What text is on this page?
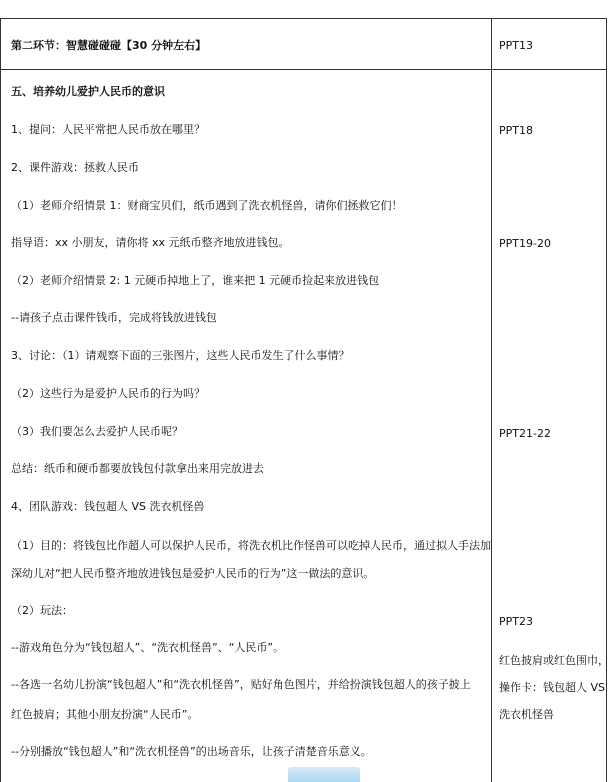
第二环节：智慧碰碰碰【30 分钟左右】	PPT13
五、培养幼儿爱护人民币的意识
1、提问：人民平常把人民币放在哪里？
2、课件游戏：拯救人民币
（1）老师介绍情景 1：财商宝贝们，纸币遇到了洗衣机怪兽，请你们拯救它们！
指导语：xx 小朋友，请你将 xx 元纸币整齐地放进钱包。
（2）老师介绍情景 2: 1 元硬币掉地上了，谁来把 1 元硬币捡起来放进钱包
--请孩子点击课件钱币，完成将钱放进钱包
3、讨论：（1）请观察下面的三张图片，这些人民币发生了什么事情？
（2）这些行为是爱护人民币的行为吗？
（3）我们要怎么去爱护人民币呢？
总结：纸币和硬币都要放钱包付款拿出来用完放进去
4、团队游戏：钱包超人 VS 洗衣机怪兽
（1）目的：将钱包比作超人可以保护人民币，将洗衣机比作怪兽可以吃掉人民币，通过拟人手法加
深幼儿对“把人民币整齐地放进钱包是爱护人民币的行为”这一做法的意识。
（2）玩法：
--游戏角色分为“钱包超人”、“洗衣机怪兽”、“人民币”。
--各选一名幼儿扮演“钱包超人”和“洗衣机怪兽”，贴好角色图片，并给扮演钱包超人的孩子披上
红色披肩；其他小朋友扮演“人民币”。
--分别播放“钱包超人”和“洗衣机怪兽”的出场音乐，让孩子清楚音乐意义。
PPT18
PPT19-20
PPT21-22
PPT23
红色披肩或红色围巾，
操作卡：钱包超人 VS
洗衣机怪兽
